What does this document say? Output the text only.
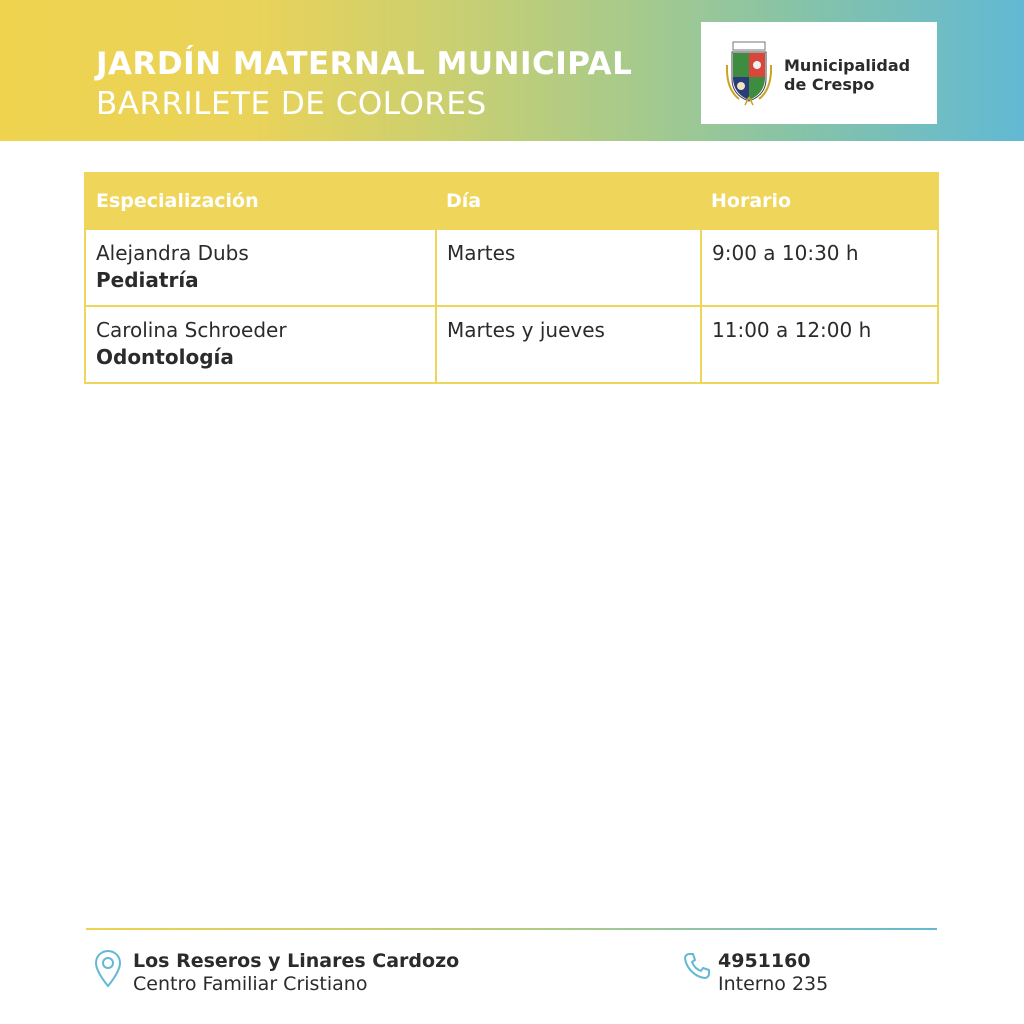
JARDÍN MATERNAL MUNICIPAL
BARRILETE DE COLORES
Municipalidad
de Crespo
Especialización	Día	Horario

Alejandra Dubs
Pediatría	Martes	9:00 a 10:30 h

Carolina Schroeder
Odontología	Martes y jueves	11:00 a 12:00 h
Los Reseros y Linares Cardozo
Centro Familiar Cristiano
4951160
Interno 235
